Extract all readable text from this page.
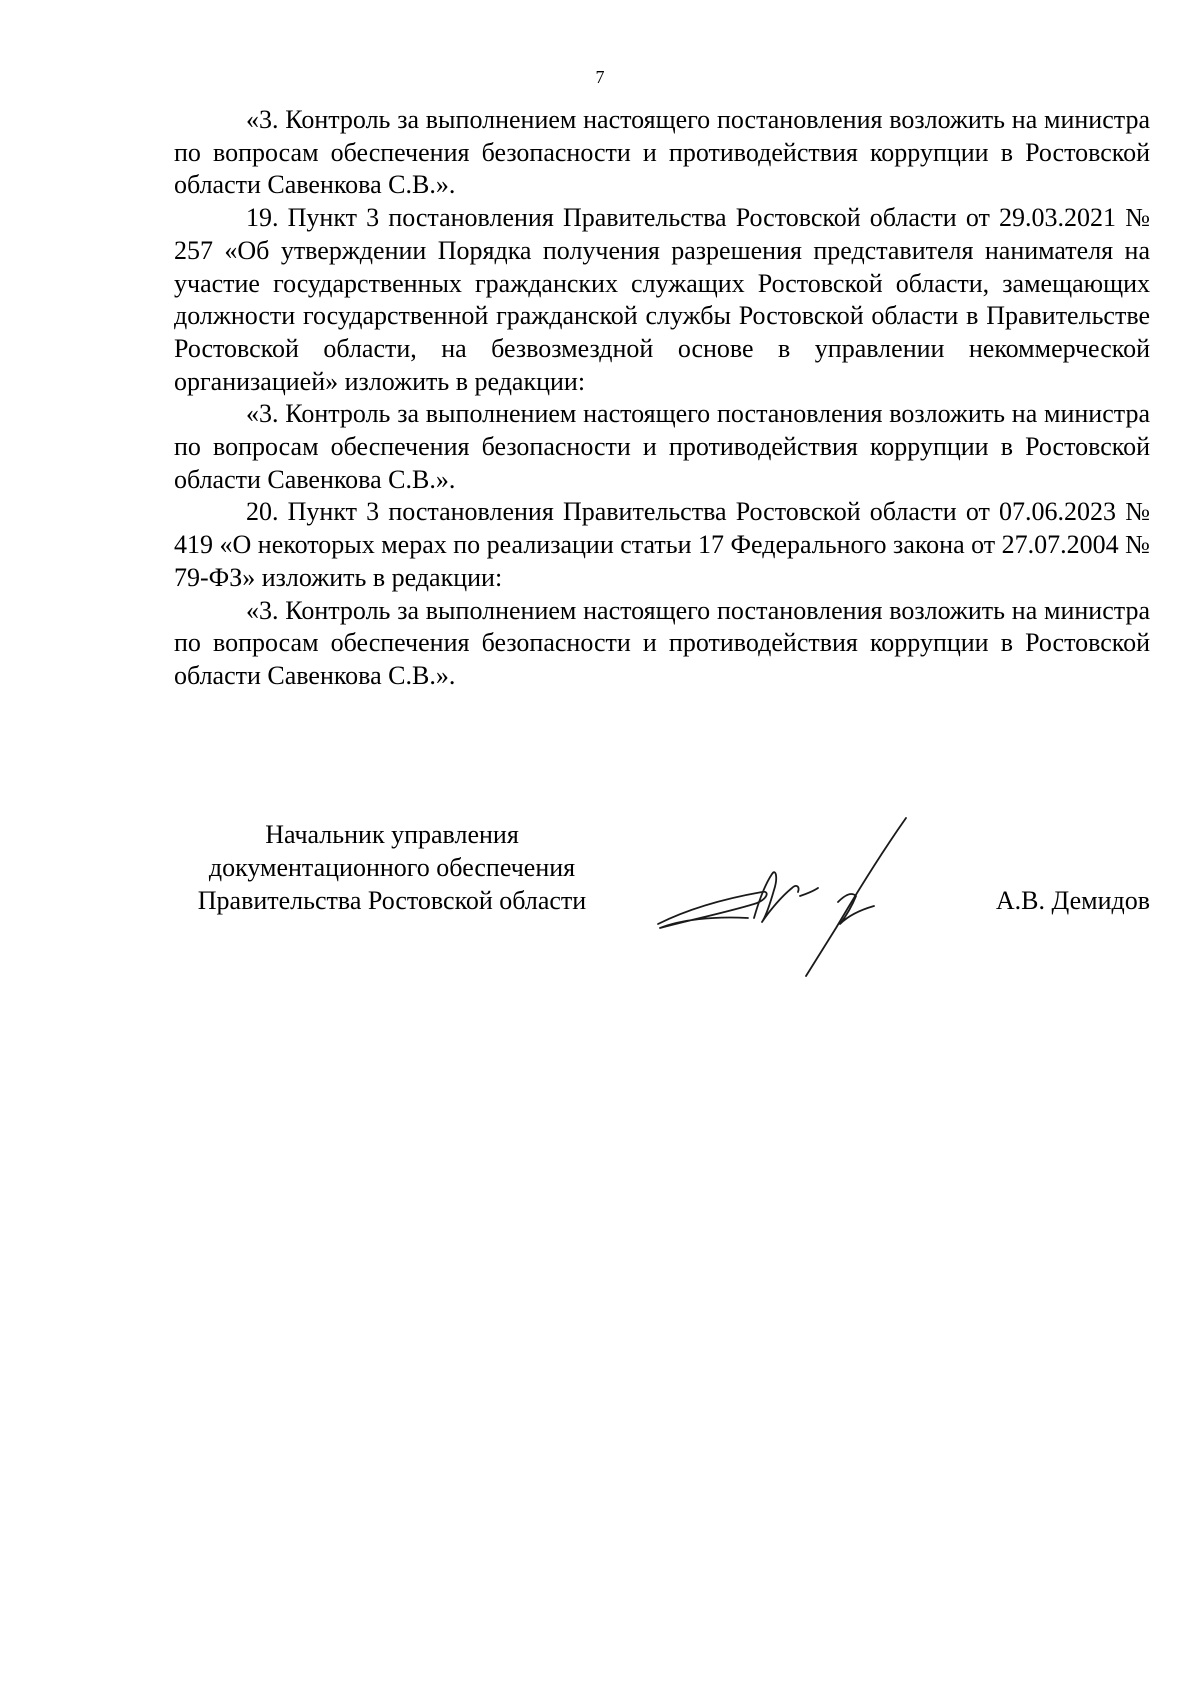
7

«3. Контроль за выполнением настоящего постановления возложить на министра по вопросам обеспечения безопасности и противодействия коррупции в Ростовской области Савенкова С.В.».

19. Пункт 3 постановления Правительства Ростовской области от 29.03.2021 № 257 «Об утверждении Порядка получения разрешения представителя нанимателя на участие государственных гражданских служащих Ростовской области, замещающих должности государственной гражданской службы Ростовской области в Правительстве Ростовской области, на безвозмездной основе в управлении некоммерческой организацией» изложить в редакции:

«3. Контроль за выполнением настоящего постановления возложить на министра по вопросам обеспечения безопасности и противодействия коррупции в Ростовской области Савенкова С.В.».

20. Пункт 3 постановления Правительства Ростовской области от 07.06.2023 № 419 «О некоторых мерах по реализации статьи 17 Федерального закона от 27.07.2004 № 79-ФЗ» изложить в редакции:

«3. Контроль за выполнением настоящего постановления возложить на министра по вопросам обеспечения безопасности и противодействия коррупции в Ростовской области Савенкова С.В.».

Начальник управления
документационного обеспечения
Правительства Ростовской области	А.В. Демидов
